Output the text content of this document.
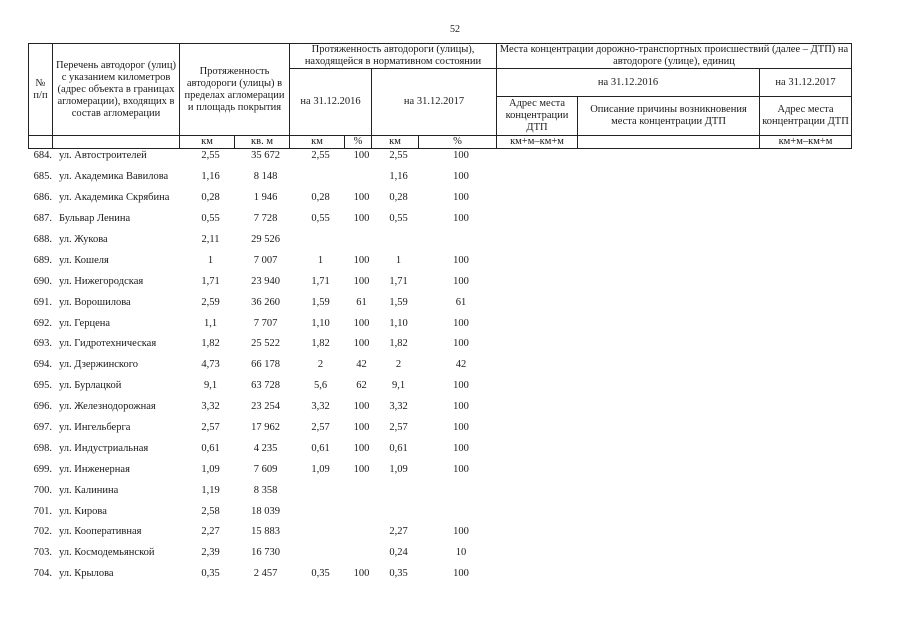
52
№ п/п	Перечень автодорог (улиц) с указанием километров (адрес объекта в границах агломерации), входящих в состав агломерации	Протяженность автодороги (улицы) в пределах агломерации и площадь покрытия		Протяженность автодороги (улицы), находящейся в нормативном состоянии				Места концентрации дорожно-транспортных происшествий (далее – ДТП) на автодороге (улице), единиц		
				на 31.12.2016		на 31.12.2017		на 31.12.2016		на 31.12.2017
								Адрес места концентрации ДТП	Описание причины возникновения места концентрации ДТП	Адрес места концентрации ДТП
		км	кв. м	км	%	км	%	км+м–км+м		км+м–км+м
684.	ул. Автостроителей	2,55	35 672	2,55	100	2,55	100
685.	ул. Академика Вавилова	1,16	8 148			1,16	100
686.	ул. Академика Скрябина	0,28	1 946	0,28	100	0,28	100
687.	Бульвар Ленина	0,55	7 728	0,55	100	0,55	100
688.	ул. Жукова	2,11	29 526				
689.	ул. Кошеля	1	7 007	1	100	1	100
690.	ул. Нижегородская	1,71	23 940	1,71	100	1,71	100
691.	ул. Ворошилова	2,59	36 260	1,59	61	1,59	61
692.	ул. Герцена	1,1	7 707	1,10	100	1,10	100
693.	ул. Гидротехническая	1,82	25 522	1,82	100	1,82	100
694.	ул. Дзержинского	4,73	66 178	2	42	2	42
695.	ул. Бурлацкой	9,1	63 728	5,6	62	9,1	100
696.	ул. Железнодорожная	3,32	23 254	3,32	100	3,32	100
697.	ул. Ингельберга	2,57	17 962	2,57	100	2,57	100
698.	ул. Индустриальная	0,61	4 235	0,61	100	0,61	100
699.	ул. Инженерная	1,09	7 609	1,09	100	1,09	100
700.	ул. Калинина	1,19	8 358				
701.	ул. Кирова	2,58	18 039				
702.	ул. Кооперативная	2,27	15 883			2,27	100
703.	ул. Космодемьянской	2,39	16 730			0,24	10
704.	ул. Крылова	0,35	2 457	0,35	100	0,35	100
